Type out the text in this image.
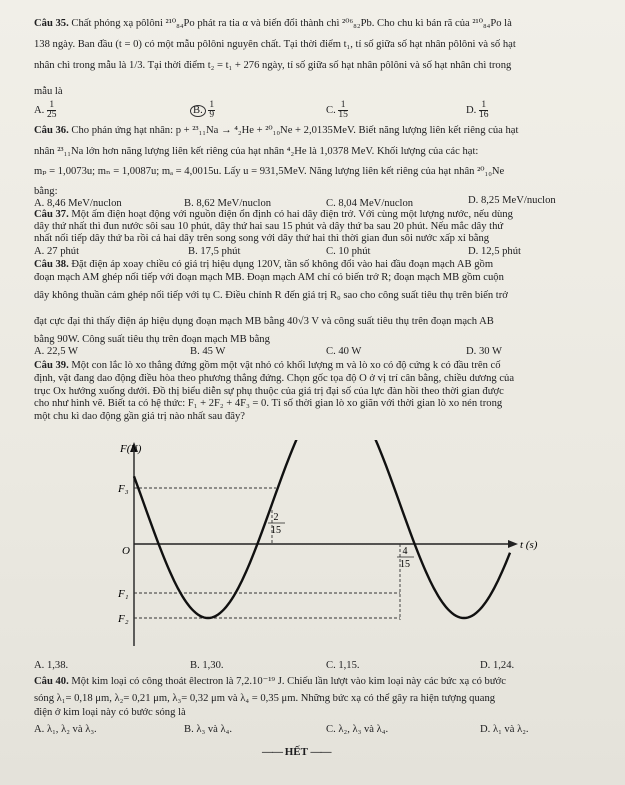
Câu 35. Chất phóng xạ pôlôni ²¹⁰₈₄Po phát ra tia α và biến đổi thành chì ²⁰⁶₈₂Pb. Cho chu kì bán rã của ²¹⁰₈₄Po là
138 ngày. Ban đầu (t = 0) có một mẫu pôlôni nguyên chất. Tại thời điểm t₁, tỉ số giữa số hạt nhân pôlôni và số hạt
nhân chì trong mẫu là 1/3. Tại thời điểm t₂ = t₁ + 276 ngày, tỉ số giữa số hạt nhân pôlôni và số hạt nhân chì trong
mẫu là
A. $\frac{1}{25}$	B. $\frac{1}{9}$	C. $\frac{1}{15}$	D. $\frac{1}{16}$
Câu 36. Cho phản ứng hạt nhân: p + ²³₁₁Na → ⁴₂He + ²⁰₁₀Ne + 2,0135MeV. Biết năng lượng liên kết riêng của hạt
nhân ²³₁₁Na lớn hơn năng lượng liên kết riêng của hạt nhân ⁴₂He là 1,0378 MeV. Khối lượng của các hạt:
mₚ = 1,0073u; mₙ = 1,0087u; mₐ = 4,0015u. Lấy u = 931,5MeV. Năng lượng liên kết riêng của hạt nhân ²⁰₁₀Ne
bằng:
A. 8,46 MeV/nuclon	B. 8,62 MeV/nuclon	C. 8,04 MeV/nuclon	D. 8,25 MeV/nuclon
Câu 37. Một ấm điện hoạt động với nguồn điện ổn định có hai dây điện trở. Với cùng một lượng nước, nếu dùng
dây thứ nhất thì đun nước sôi sau 10 phút, dây thứ hai sau 15 phút và dây thứ ba sau 20 phút. Nếu mắc dây thứ
nhất nối tiếp dây thứ ba rồi cả hai dây trên song song với dây thứ hai thì thời gian đun sôi nước xấp xỉ bằng
A. 27 phút	B. 17,5 phút	C. 10 phút	D. 12,5 phút
Câu 38. Đặt điện áp xoay chiều có giá trị hiệu dụng 120V, tần số không đổi vào hai đầu đoạn mạch AB gồm
đoạn mạch AM ghép nối tiếp với đoạn mạch MB. Đoạn mạch AM chỉ có biến trở R; đoạn mạch MB gồm cuộn
dây không thuần cảm ghép nối tiếp với tụ C. Điều chỉnh R đến giá trị R₀ sao cho công suất tiêu thụ trên biến trở
đạt cực đại thì thấy điện áp hiệu dụng đoạn mạch MB bằng 40√3 V và công suất tiêu thụ trên đoạn mạch AB
bằng 90W. Công suất tiêu thụ trên đoạn mạch MB bằng
A. 22,5 W	B. 45 W	C. 40 W	D. 30 W
Câu 39. Một con lắc lò xo thẳng đứng gồm một vật nhỏ có khối lượng m và lò xo có độ cứng k có đầu trên cố
định, vật đang dao động điều hòa theo phương thẳng đứng. Chọn gốc tọa độ O ở vị trí cân bằng, chiều dương của
trục Ox hướng xuống dưới. Đồ thị biểu diễn sự phụ thuộc của giá trị đại số của lực đàn hồi theo thời gian được
cho như hình vẽ. Biết ta có hệ thức: F₁ + 2F₂ + 4F₃ = 0. Tỉ số thời gian lò xo giãn với thời gian lò xo nén trong
một chu kì dao động gần giá trị nào nhất sau đây?
F(N)
t (s)
O
F₃
F₁
F₂
2
15
4
15
A. 1,38.	B. 1,30.	C. 1,15.	D. 1,24.
Câu 40. Một kim loại có công thoát êlectron là 7,2.10⁻¹⁹ J. Chiếu lần lượt vào kim loại này các bức xạ có bước
sóng λ₁= 0,18 μm, λ₂= 0,21 μm, λ₃= 0,32 μm và λ₄ = 0,35 μm. Những bức xạ có thể gây ra hiện tượng quang
điện ở kim loại này có bước sóng là
A. λ₁, λ₂ và λ₃.	B. λ₃ và λ₄.	C. λ₂, λ₃ và λ₄.	D. λ₁ và λ₂.
—— HẾT ——
